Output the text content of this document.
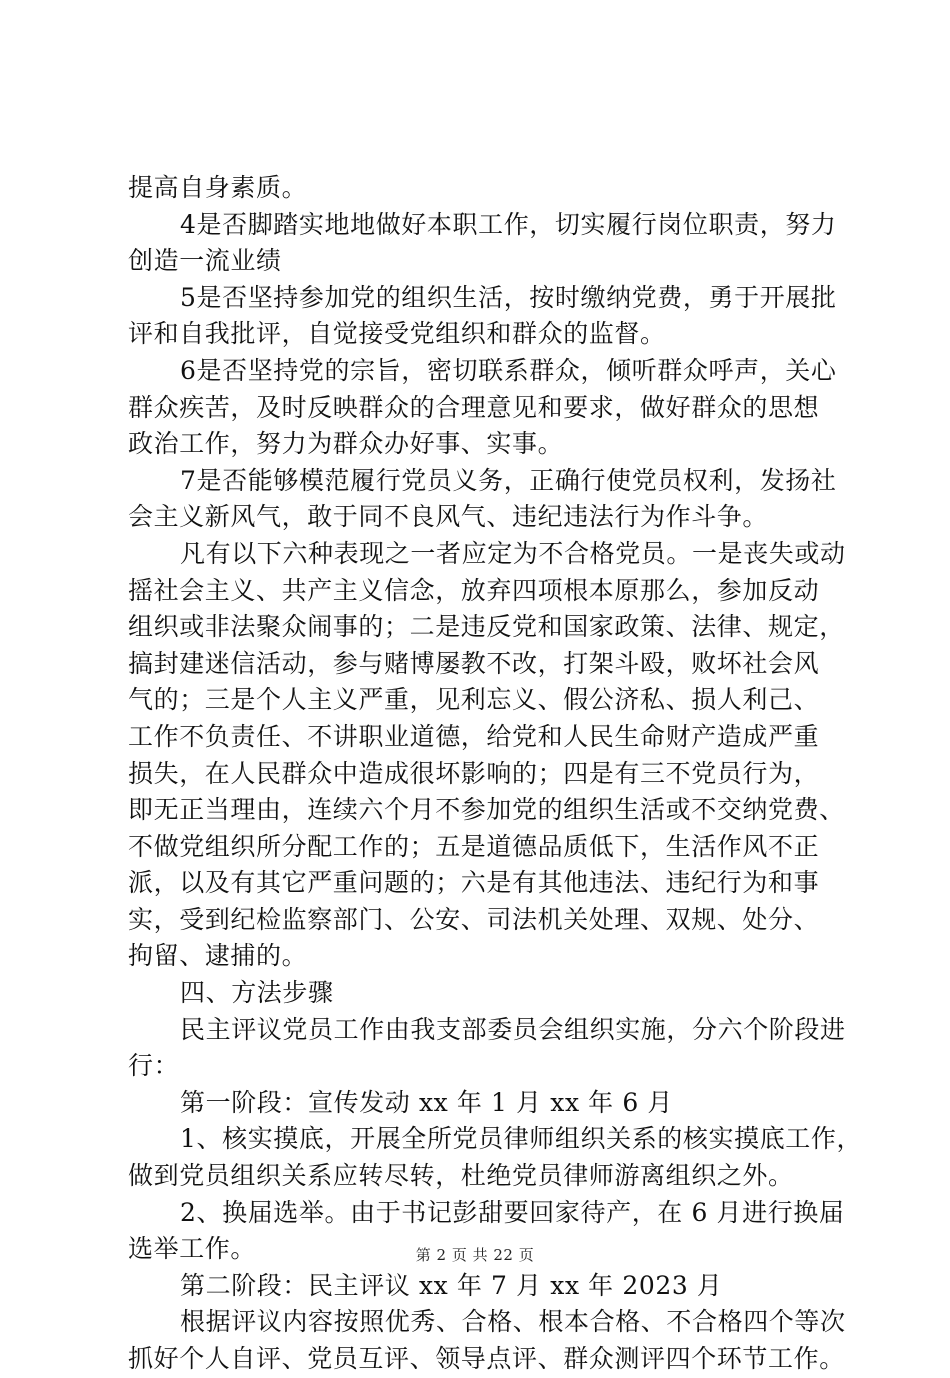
提高自身素质。
4是否脚踏实地地做好本职工作，切实履行岗位职责，努力
创造一流业绩
5是否坚持参加党的组织生活，按时缴纳党费，勇于开展批
评和自我批评，自觉接受党组织和群众的监督。
6是否坚持党的宗旨，密切联系群众，倾听群众呼声，关心
群众疾苦，及时反映群众的合理意见和要求，做好群众的思想
政治工作，努力为群众办好事、实事。
7是否能够模范履行党员义务，正确行使党员权利，发扬社
会主义新风气，敢于同不良风气、违纪违法行为作斗争。
凡有以下六种表现之一者应定为不合格党员。一是丧失或动
摇社会主义、共产主义信念，放弃四项根本原那么，参加反动
组织或非法聚众闹事的；二是违反党和国家政策、法律、规定，
搞封建迷信活动，参与赌博屡教不改，打架斗殴，败坏社会风
气的；三是个人主义严重，见利忘义、假公济私、损人利己、
工作不负责任、不讲职业道德，给党和人民生命财产造成严重
损失，在人民群众中造成很坏影响的；四是有三不党员行为，
即无正当理由，连续六个月不参加党的组织生活或不交纳党费、
不做党组织所分配工作的；五是道德品质低下，生活作风不正
派，以及有其它严重问题的；六是有其他违法、违纪行为和事
实，受到纪检监察部门、公安、司法机关处理、双规、处分、
拘留、逮捕的。
四、方法步骤
民主评议党员工作由我支部委员会组织实施，分六个阶段进
行：
第一阶段：宣传发动 xx 年 1 月 xx 年 6 月
1、核实摸底，开展全所党员律师组织关系的核实摸底工作，
做到党员组织关系应转尽转，杜绝党员律师游离组织之外。
2、换届选举。由于书记彭甜要回家待产，在 6 月进行换届
选举工作。
第二阶段：民主评议 xx 年 7 月 xx 年 2023 月
根据评议内容按照优秀、合格、根本合格、不合格四个等次
抓好个人自评、党员互评、领导点评、群众测评四个环节工作。
第 2 页 共 22 页
